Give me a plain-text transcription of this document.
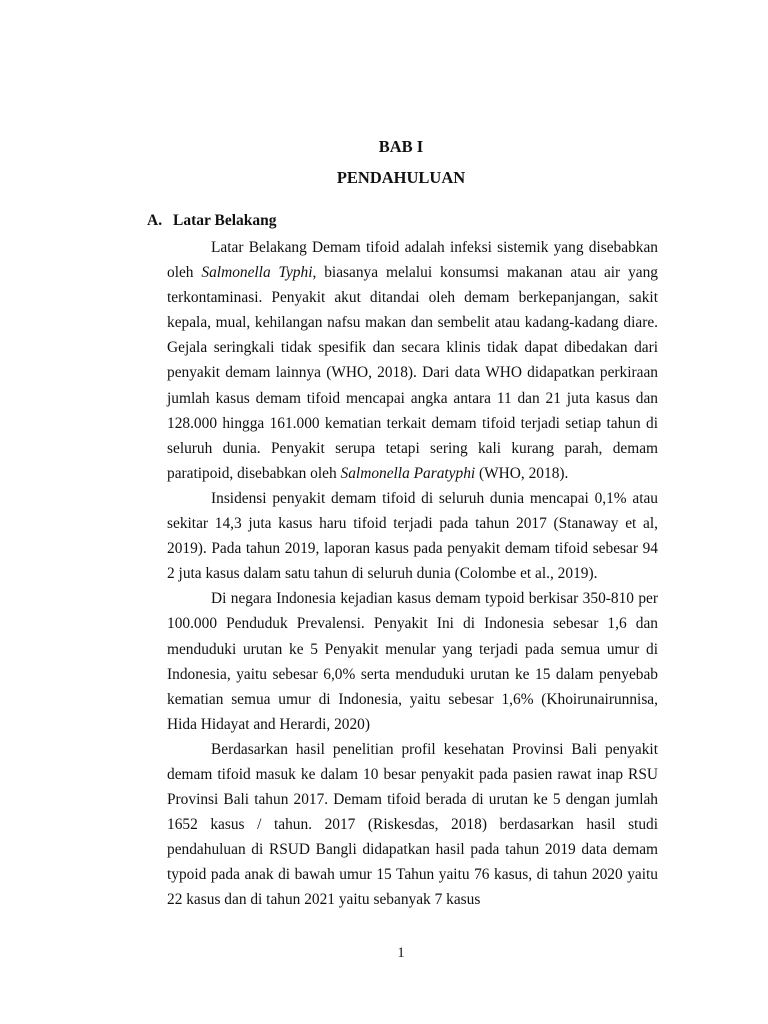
BAB I
PENDAHULUAN
A. Latar Belakang

Latar Belakang Demam tifoid adalah infeksi sistemik yang disebabkan oleh Salmonella Typhi, biasanya melalui konsumsi makanan atau air yang terkontaminasi. Penyakit akut ditandai oleh demam berkepanjangan, sakit kepala, mual, kehilangan nafsu makan dan sembelit atau kadang-kadang diare. Gejala seringkali tidak spesifik dan secara klinis tidak dapat dibedakan dari penyakit demam lainnya (WHO, 2018). Dari data WHO didapatkan perkiraan jumlah kasus demam tifoid mencapai angka antara 11 dan 21 juta kasus dan 128.000 hingga 161.000 kematian terkait demam tifoid terjadi setiap tahun di seluruh dunia. Penyakit serupa tetapi sering kali kurang parah, demam paratipoid, disebabkan oleh Salmonella Paratyphi (WHO, 2018).

Insidensi penyakit demam tifoid di seluruh dunia mencapai 0,1% atau sekitar 14,3 juta kasus haru tifoid terjadi pada tahun 2017 (Stanaway et al, 2019). Pada tahun 2019, laporan kasus pada penyakit demam tifoid sebesar 94 2 juta kasus dalam satu tahun di seluruh dunia (Colombe et al., 2019).

Di negara Indonesia kejadian kasus demam typoid berkisar 350-810 per 100.000 Penduduk Prevalensi. Penyakit Ini di Indonesia sebesar 1,6 dan menduduki urutan ke 5 Penyakit menular yang terjadi pada semua umur di Indonesia, yaitu sebesar 6,0% serta menduduki urutan ke 15 dalam penyebab kematian semua umur di Indonesia, yaitu sebesar 1,6% (Khoirunairunnisa, Hida Hidayat and Herardi, 2020)

Berdasarkan hasil penelitian profil kesehatan Provinsi Bali penyakit demam tifoid masuk ke dalam 10 besar penyakit pada pasien rawat inap RSU Provinsi Bali tahun 2017. Demam tifoid berada di urutan ke 5 dengan jumlah 1652 kasus / tahun. 2017 (Riskesdas, 2018) berdasarkan hasil studi pendahuluan di RSUD Bangli didapatkan hasil pada tahun 2019 data demam typoid pada anak di bawah umur 15 Tahun yaitu 76 kasus, di tahun 2020 yaitu 22 kasus dan di tahun 2021 yaitu sebanyak 7 kasus

1
